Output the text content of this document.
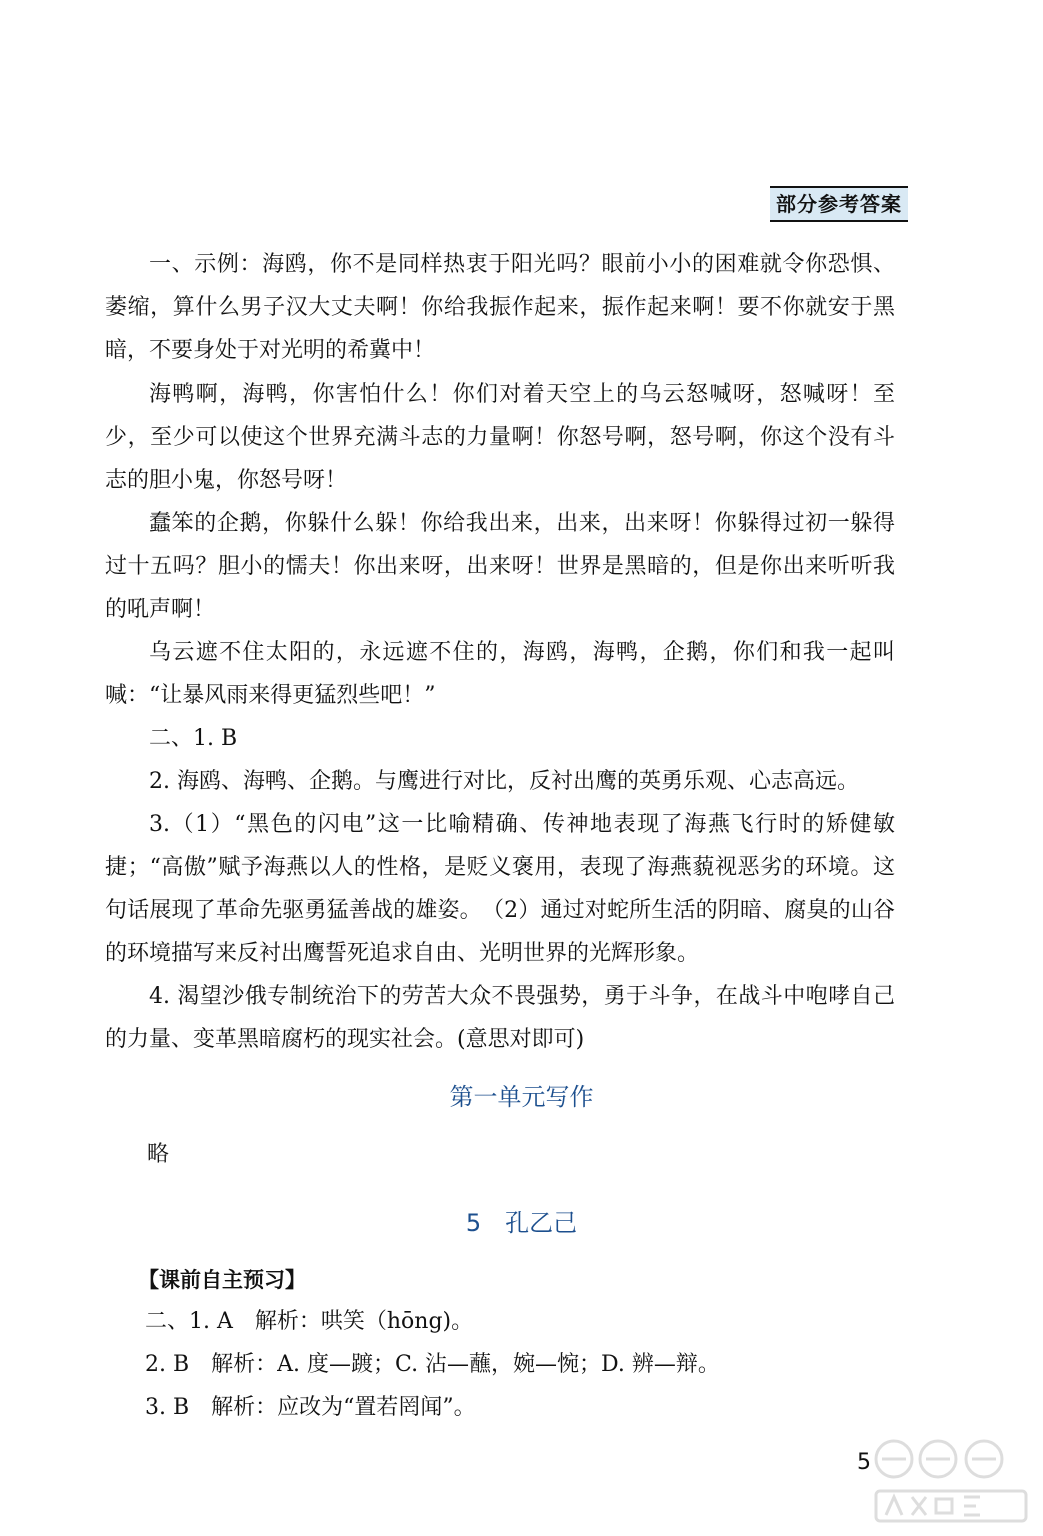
部分参考答案
一、示例：海鸥，你不是同样热衷于阳光吗？眼前小小的困难就令你恐惧、萎缩，算什么男子汉大丈夫啊！你给我振作起来，振作起来啊！要不你就安于黑暗，不要身处于对光明的希冀中！
海鸭啊，海鸭，你害怕什么！你们对着天空上的乌云怒喊呀，怒喊呀！至少，至少可以使这个世界充满斗志的力量啊！你怒号啊，怒号啊，你这个没有斗志的胆小鬼，你怒号呀！
蠢笨的企鹅，你躲什么躲！你给我出来，出来，出来呀！你躲得过初一躲得过十五吗？胆小的懦夫！你出来呀，出来呀！世界是黑暗的，但是你出来听听我的吼声啊！
乌云遮不住太阳的，永远遮不住的，海鸥，海鸭，企鹅，你们和我一起叫喊：“让暴风雨来得更猛烈些吧！”
二、1. B
2. 海鸥、海鸭、企鹅。与鹰进行对比，反衬出鹰的英勇乐观、心志高远。
3.（1）“黑色的闪电”这一比喻精确、传神地表现了海燕飞行时的矫健敏捷；“高傲”赋予海燕以人的性格，是贬义褒用，表现了海燕藐视恶劣的环境。这句话展现了革命先驱勇猛善战的雄姿。　（2）通过对蛇所生活的阴暗、腐臭的山谷的环境描写来反衬出鹰誓死追求自由、光明世界的光辉形象。
4. 渴望沙俄专制统治下的劳苦大众不畏强势，勇于斗争，在战斗中咆哮自己的力量、变革黑暗腐朽的现实社会。(意思对即可)
第一单元写作
略
5　孔乙己
【课前自主预习】
二、1. A　解析：哄笑（hōng)。
2. B　解析：A. 度—踱；C. 沾—蘸，婉—惋；D. 辨—辩。
3. B　解析：应改为“置若罔闻”。
5
